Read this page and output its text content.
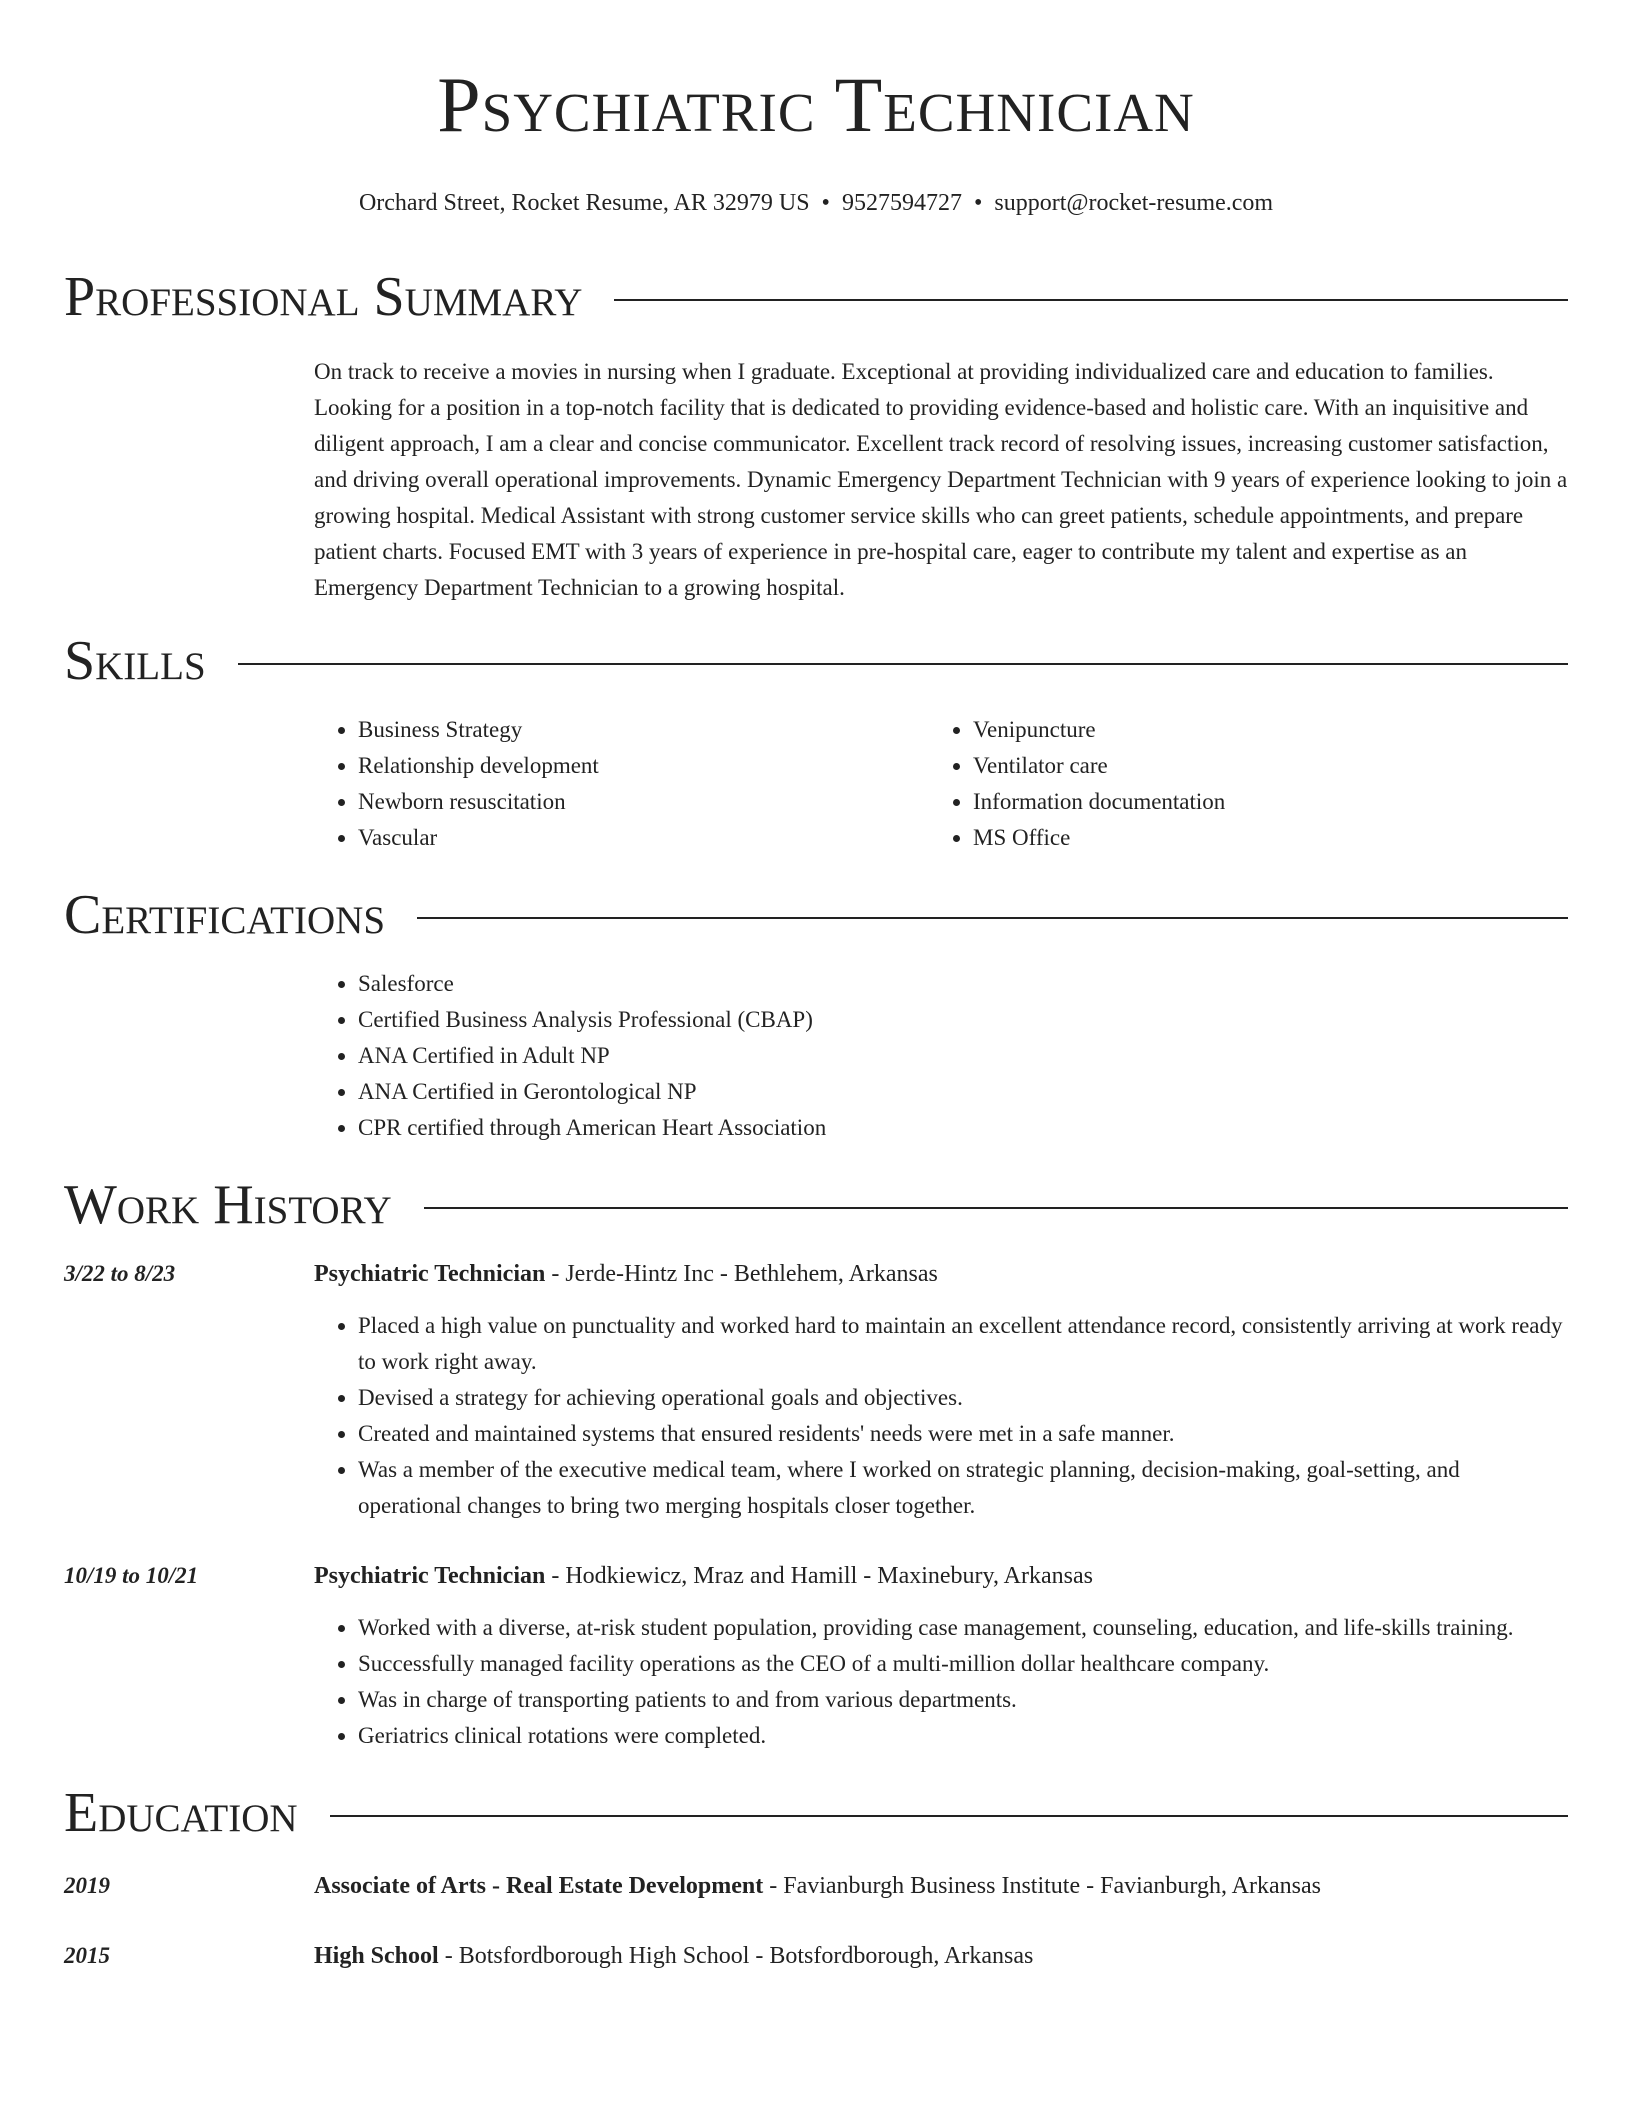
Psychiatric Technician
Orchard Street, Rocket Resume, AR 32979 US • 9527594727 • support@rocket-resume.com
Professional Summary
On track to receive a movies in nursing when I graduate. Exceptional at providing individualized care and education to families. Looking for a position in a top-notch facility that is dedicated to providing evidence-based and holistic care. With an inquisitive and diligent approach, I am a clear and concise communicator. Excellent track record of resolving issues, increasing customer satisfaction, and driving overall operational improvements. Dynamic Emergency Department Technician with 9 years of experience looking to join a growing hospital. Medical Assistant with strong customer service skills who can greet patients, schedule appointments, and prepare patient charts. Focused EMT with 3 years of experience in pre-hospital care, eager to contribute my talent and expertise as an Emergency Department Technician to a growing hospital.
Skills
• Business Strategy
• Relationship development
• Newborn resuscitation
• Vascular
• Venipuncture
• Ventilator care
• Information documentation
• MS Office
Certifications
• Salesforce
• Certified Business Analysis Professional (CBAP)
• ANA Certified in Adult NP
• ANA Certified in Gerontological NP
• CPR certified through American Heart Association
Work History
3/22 to 8/23	Psychiatric Technician - Jerde-Hintz Inc - Bethlehem, Arkansas
• Placed a high value on punctuality and worked hard to maintain an excellent attendance record, consistently arriving at work ready to work right away.
• Devised a strategy for achieving operational goals and objectives.
• Created and maintained systems that ensured residents' needs were met in a safe manner.
• Was a member of the executive medical team, where I worked on strategic planning, decision-making, goal-setting, and operational changes to bring two merging hospitals closer together.
10/19 to 10/21	Psychiatric Technician - Hodkiewicz, Mraz and Hamill - Maxinebury, Arkansas
• Worked with a diverse, at-risk student population, providing case management, counseling, education, and life-skills training.
• Successfully managed facility operations as the CEO of a multi-million dollar healthcare company.
• Was in charge of transporting patients to and from various departments.
• Geriatrics clinical rotations were completed.
Education
2019	Associate of Arts - Real Estate Development - Favianburgh Business Institute - Favianburgh, Arkansas
2015	High School - Botsfordborough High School - Botsfordborough, Arkansas
